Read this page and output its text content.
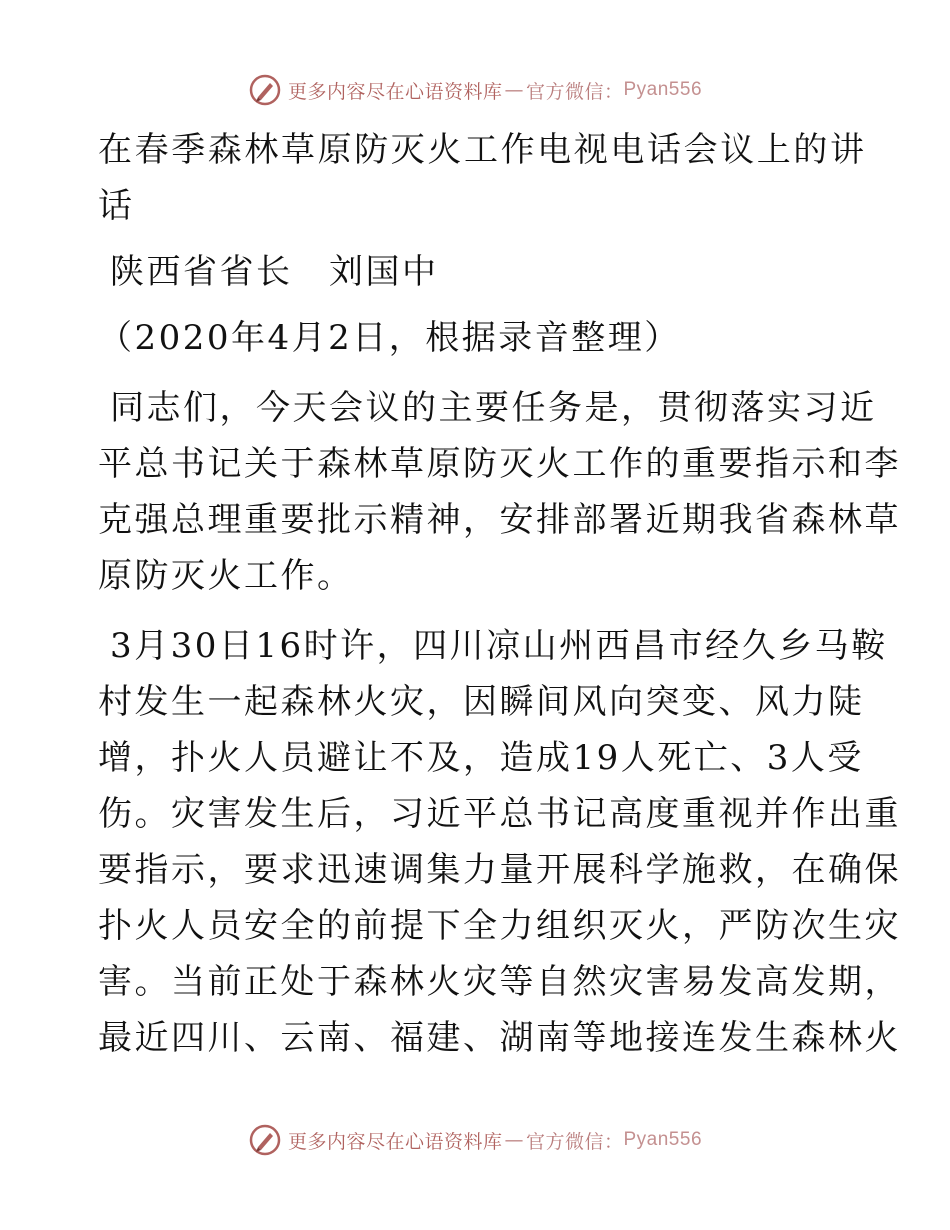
更多内容尽在心语资料库 — 官方微信： Pyan556

在春季森林草原防灭火工作电视电话会议上的讲

话

陕西省省长　刘国中

（2020年4月2日，根据录音整理）

同志们，今天会议的主要任务是，贯彻落实习近

平总书记关于森林草原防灭火工作的重要指示和李

克强总理重要批示精神，安排部署近期我省森林草

原防灭火工作。

3月30日16时许，四川凉山州西昌市经久乡马鞍

村发生一起森林火灾，因瞬间风向突变、风力陡

增，扑火人员避让不及，造成19人死亡、3人受

伤。灾害发生后，习近平总书记高度重视并作出重

要指示，要求迅速调集力量开展科学施救，在确保

扑火人员安全的前提下全力组织灭火，严防次生灾

害。当前正处于森林火灾等自然灾害易发高发期，

最近四川、云南、福建、湖南等地接连发生森林火

更多内容尽在心语资料库 — 官方微信： Pyan556
